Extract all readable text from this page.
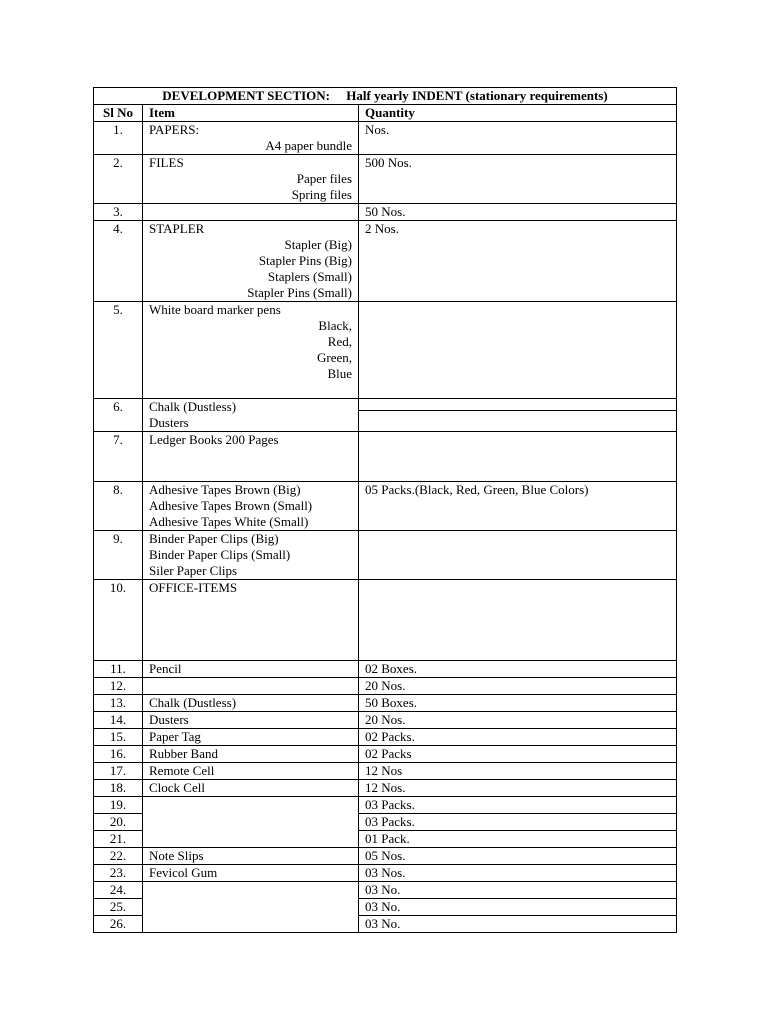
DEVELOPMENT SECTION: Half yearly INDENT (stationary requirements)		
Sl No	Item	Quantity
1.	PAPERS:
A4 paper bundle	Nos.
2.	FILES
Paper files
Spring files	500 Nos.
3.		50 Nos.
4.	STAPLER
Stapler (Big)
Stapler Pins (Big)
Staplers (Small)
Stapler Pins (Small)	2 Nos.
5.	White board marker pens
Black,
Red,
Green,
Blue	

6.	Chalk (Dustless)
Dusters	

7.	Ledger Books 200 Pages	
8.	Adhesive Tapes Brown (Big)
Adhesive Tapes Brown (Small)
Adhesive Tapes White (Small)	05 Packs.(Black, Red, Green, Blue Colors)
9.	Binder Paper Clips (Big)
Binder Paper Clips (Small)
Siler Paper Clips	

10.	OFFICE-ITEMS	
11.	Pencil	02 Boxes.
12.		20 Nos.
13.	Chalk (Dustless)	50 Boxes.
14.	Dusters	20 Nos.
15.	Paper Tag	02 Packs.
16.	Rubber Band	02 Packs
17.	Remote Cell	12 Nos
18.	Clock Cell	12 Nos.
19.		03 Packs.
20.		03 Packs.
21.		01 Pack.
22.	Note Slips	05 Nos.
23.	Fevicol Gum	03 Nos.
24.		03 No.
25.		03 No.
26.		03 No.
